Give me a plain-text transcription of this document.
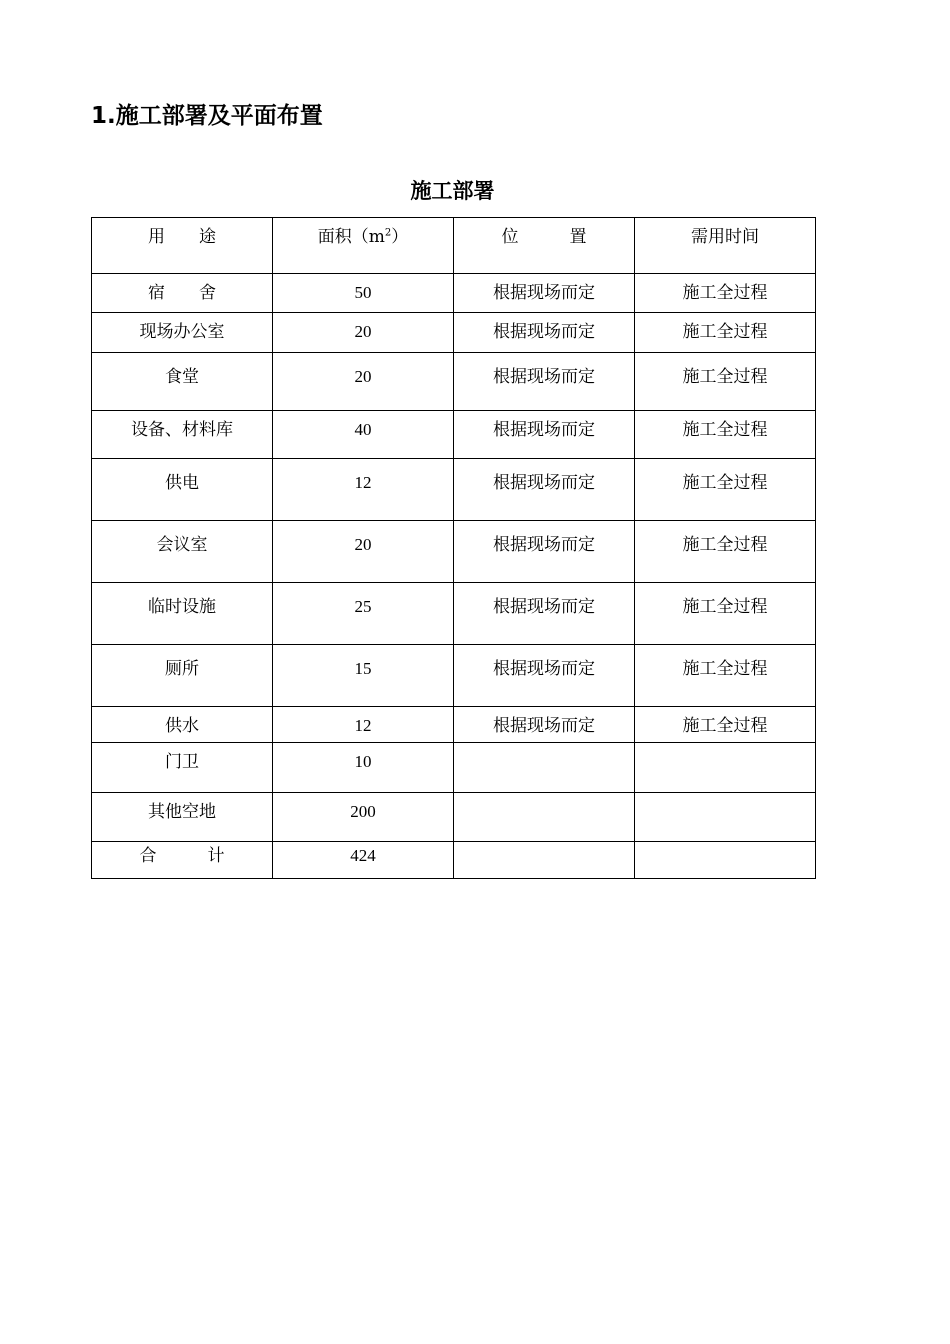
1.施工部署及平面布置
施工部署
用　　途	面积$(m^2)$	位　　　置	需用时间
宿　　舍	50	根据现场而定	施工全过程
现场办公室	20	根据现场而定	施工全过程
食堂	20	根据现场而定	施工全过程
设备、材料库	40	根据现场而定	施工全过程
供电	12	根据现场而定	施工全过程
会议室	20	根据现场而定	施工全过程
临时设施	25	根据现场而定	施工全过程
厕所	15	根据现场而定	施工全过程
供水	12	根据现场而定	施工全过程
门卫	10		
其他空地	200		
合　　　计	424		
